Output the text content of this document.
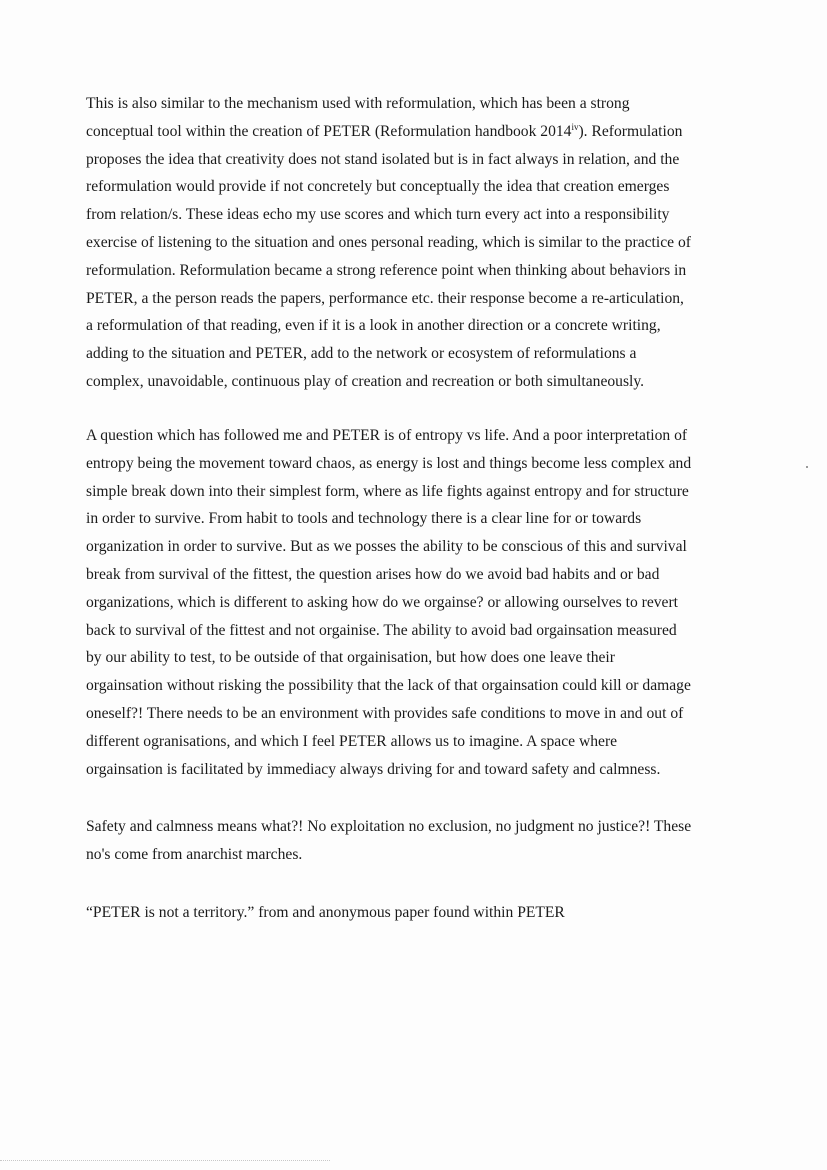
This is also similar to the mechanism used with reformulation, which has been a strong
conceptual tool within the creation of PETER (Reformulation handbook 2014$^{iv}$). Reformulation
proposes the idea that creativity does not stand isolated but is in fact always in relation, and the
reformulation would provide if not concretely but conceptually the idea that creation emerges
from relation/s. These ideas echo my use scores and which turn every act into a responsibility
exercise of listening to the situation and ones personal reading, which is similar to the practice of
reformulation. Reformulation became a strong reference point when thinking about behaviors in
PETER, a the person reads the papers, performance etc. their response become a re-articulation,
a reformulation of that reading, even if it is a look in another direction or a concrete writing,
adding to the situation and PETER, add to the network or ecosystem of reformulations a
complex, unavoidable, continuous play of creation and recreation or both simultaneously.
A question which has followed me and PETER is of entropy vs life. And a poor interpretation of
entropy being the movement toward chaos, as energy is lost and things become less complex and
simple break down into their simplest form, where as life fights against entropy and for structure
in order to survive. From habit to tools and technology there is a clear line for or towards
organization in order to survive. But as we posses the ability to be conscious of this and survival
break from survival of the fittest, the question arises how do we avoid bad habits and or bad
organizations, which is different to asking how do we orgainse? or allowing ourselves to revert
back to survival of the fittest and not orgainise. The ability to avoid bad orgainsation measured
by our ability to test, to be outside of that orgainisation, but how does one leave their
orgainsation without risking the possibility that the lack of that orgainsation could kill or damage
oneself?! There needs to be an environment with provides safe conditions to move in and out of
different ogranisations, and which I feel PETER allows us to imagine. A space where
orgainsation is facilitated by immediacy always driving for and toward safety and calmness.
Safety and calmness means what?! No exploitation no exclusion, no judgment no justice?! These
no's come from anarchist marches.
“PETER is not a territory.” from and anonymous paper found within PETER
